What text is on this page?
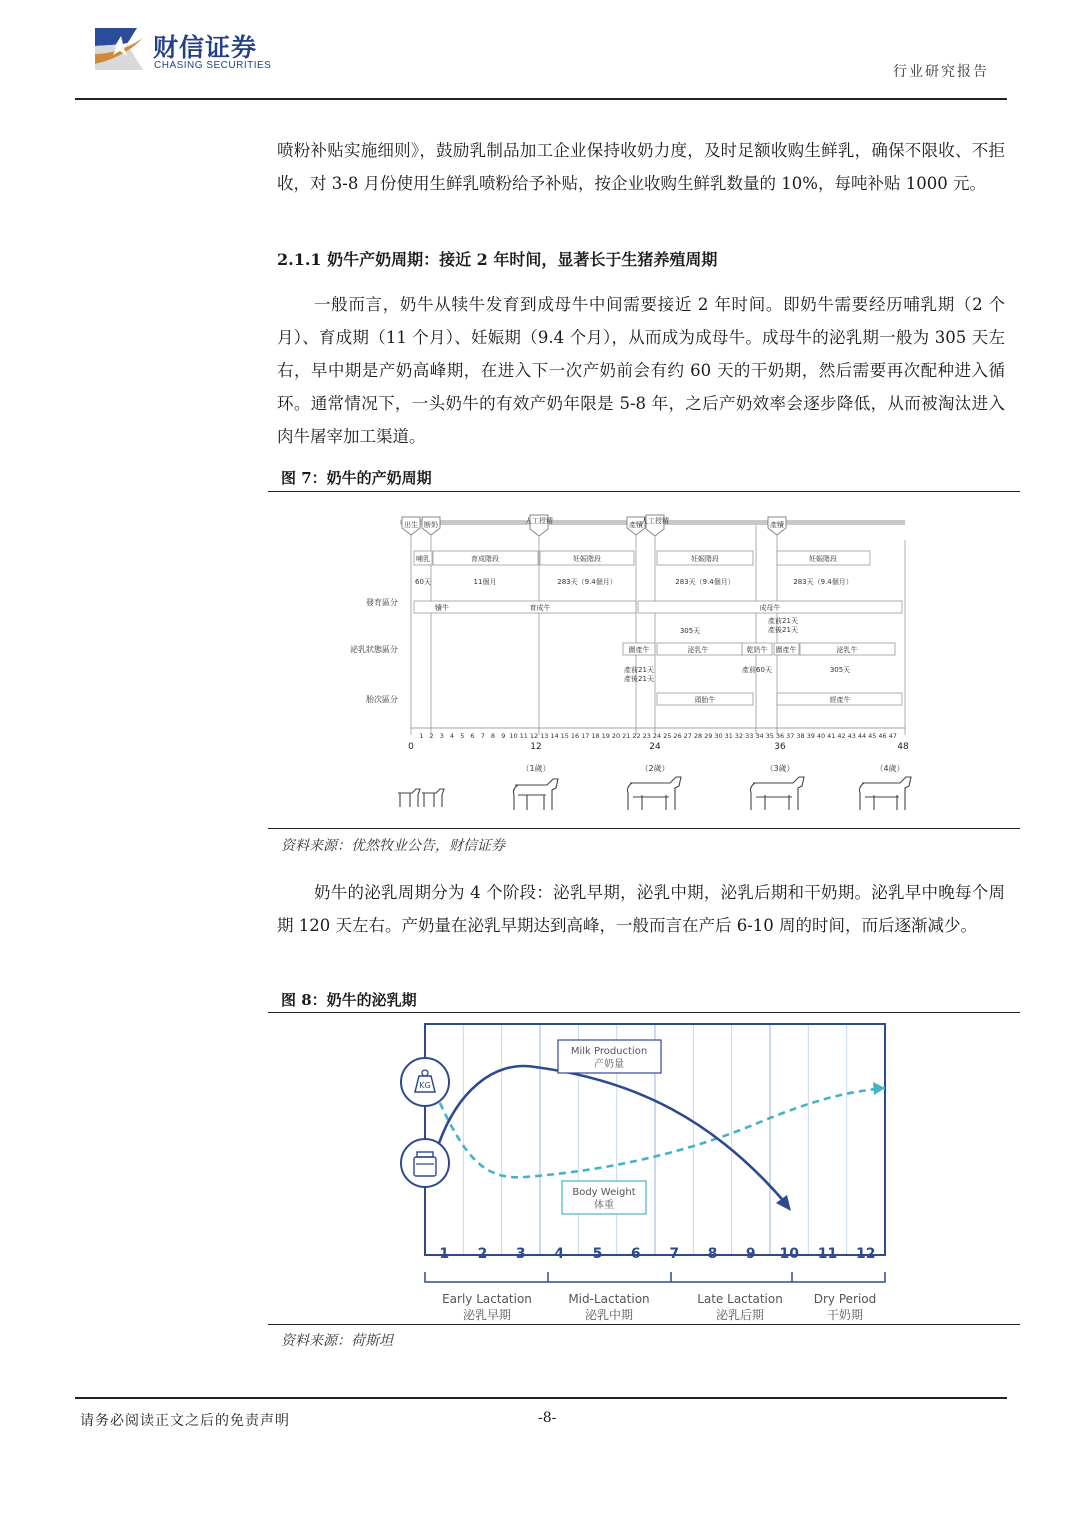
财信证券
CHASING SECURITIES	行业研究报告

喷粉补贴实施细则》，鼓励乳制品加工企业保持收奶力度，及时足额收购生鲜乳，确保不限收、不拒收，对 3-8 月份使用生鲜乳喷粉给予补贴，按企业收购生鲜乳数量的 10%，每吨补贴 1000 元。

2.1.1 奶牛产奶周期：接近 2 年时间，显著长于生猪养殖周期

一般而言，奶牛从犊牛发育到成母牛中间需要接近 2 年时间。即奶牛需要经历哺乳期（2 个月）、育成期（11 个月）、妊娠期（9.4 个月），从而成为成母牛。成母牛的泌乳期一般为 305 天左右，早中期是产奶高峰期，在进入下一次产奶前会有约 60 天的干奶期，然后需要再次配种进入循环。通常情况下，一头奶牛的有效产奶年限是 5-8 年，之后产奶效率会逐步降低，从而被淘汰进入肉牛屠宰加工渠道。

图 7：奶牛的产奶周期
出生 断奶	人工授精	產犢
人工授精	產犢
哺乳	育成階段	妊娠階段	妊娠階段	妊娠階段
60天	11個月	283天（9.4個月）	283天（9.4個月）	283天（9.4個月）
犢牛	育成牛	成母牛
圍產牛	泌乳牛	乾奶牛 圍產牛	泌乳牛
305天
305天
產前21天
產後21天
產前60天
產前21天
產後21天
頭胎牛	經產牛
發育區分
泌乳狀態區分
胎次區分
1 2 3 4 5 6 7 8 9 10 11 12 13 14 15 16 17 18 19 20 21 22 23 24 25 26 27 28 29 30 31 32 33 34 35 36 37 38 39 40 41 42 43 44 45 46 47
0	12	24	36	48
（1歲）	（2歲）	（3歲）	（4歲）
资料来源：优然牧业公告，财信证券

奶牛的泌乳周期分为 4 个阶段：泌乳早期，泌乳中期，泌乳后期和干奶期。泌乳早中晚每个周期 120 天左右。产奶量在泌乳早期达到高峰，一般而言在产后 6-10 周的时间，而后逐渐减少。

图 8：奶牛的泌乳期
Milk Production
产奶量
Body Weight
体重
KG
1 2 3 4 5 6 7 8 9 10 11 12
Early Lactation
泌乳早期
Mid-Lactation
泌乳中期
Late Lactation
泌乳后期
Dry Period
干奶期
资料来源：荷斯坦
请务必阅读正文之后的免责声明	-8-
